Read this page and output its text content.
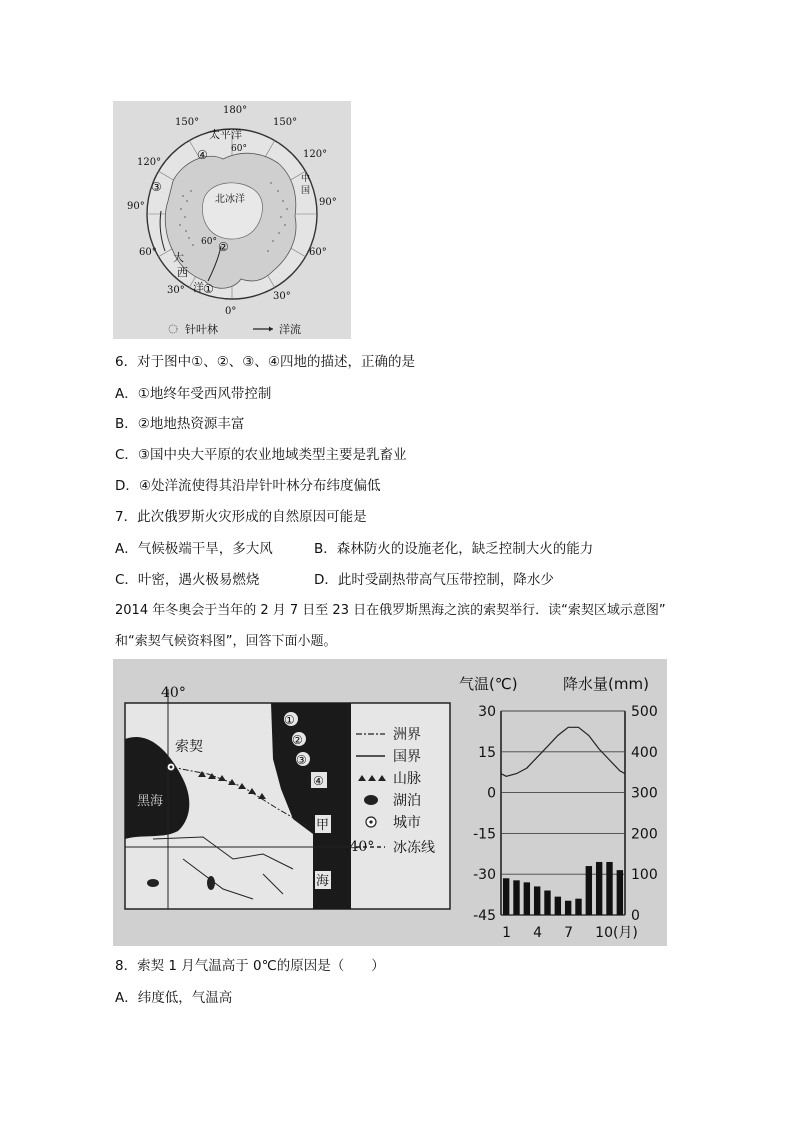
180°
150°	150°
120°
120°
90°	90°
60°	60°
30°
30°
0°
60°
60°
太平洋
北冰洋
大
西
洋
中
国
④
③
②
①
针叶林	洋流
6．对于图中①、②、③、④四地的描述，正确的是
A．①地终年受西风带控制
B．②地地热资源丰富
C．③国中央大平原的农业地域类型主要是乳畜业
D．④处洋流使得其沿岸针叶林分布纬度偏低
7．此次俄罗斯火灾形成的自然原因可能是
A．气候极端干旱，多大风	B．森林防火的设施老化，缺乏控制大火的能力
C．叶密，遇火极易燃烧	D．此时受副热带高气压带控制，降水少
2014 年冬奥会于当年的 2 月 7 日至 23 日在俄罗斯黑海之滨的索契举行．读“索契区域示意图”
和“索契气候资料图”，回答下面小题。
黑海
索契
40°
.40°
①
②
③
④
甲
海
洲界
国界
山脉
湖泊
城市
冰冻线
气温(℃)	降水量(mm)
30
15
0
-15
-30
-45
500
400
300
200
100
0
1 4 7 10(月)
8．索契 1 月气温高于 0℃的原因是（　　）
A．纬度低，气温高
